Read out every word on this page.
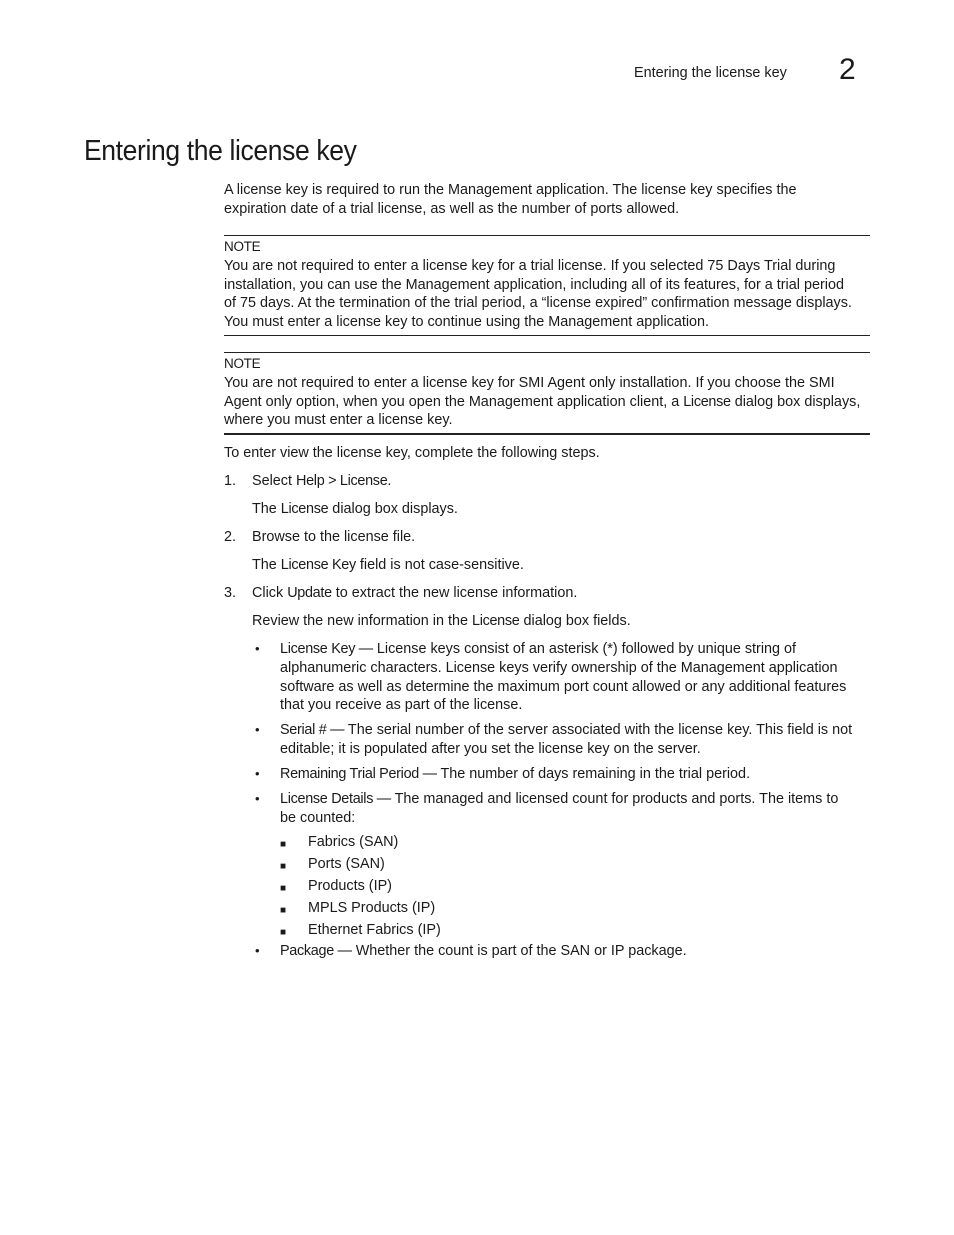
Entering the license key 2
Entering the license key
A license key is required to run the Management application. The license key specifies the
expiration date of a trial license, as well as the number of ports allowed.
NOTE
You are not required to enter a license key for a trial license. If you selected 75 Days Trial during
installation, you can use the Management application, including all of its features, for a trial period
of 75 days. At the termination of the trial period, a “license expired” confirmation message displays.
You must enter a license key to continue using the Management application.
NOTE
You are not required to enter a license key for SMI Agent only installation. If you choose the SMI
Agent only option, when you open the Management application client, a License dialog box displays,
where you must enter a license key.
To enter view the license key, complete the following steps.
1. Select Help > License.
The License dialog box displays.
2. Browse to the license file.
The License Key field is not case-sensitive.
3. Click Update to extract the new license information.
Review the new information in the License dialog box fields.
• License Key — License keys consist of an asterisk (*) followed by unique string of
alphanumeric characters. License keys verify ownership of the Management application
software as well as determine the maximum port count allowed or any additional features
that you receive as part of the license.
• Serial # — The serial number of the server associated with the license key. This field is not
editable; it is populated after you set the license key on the server.
• Remaining Trial Period — The number of days remaining in the trial period.
• License Details — The managed and licensed count for products and ports. The items to
be counted:
■ Fabrics (SAN)
■ Ports (SAN)
■ Products (IP)
■ MPLS Products (IP)
■ Ethernet Fabrics (IP)
• Package — Whether the count is part of the SAN or IP package.
